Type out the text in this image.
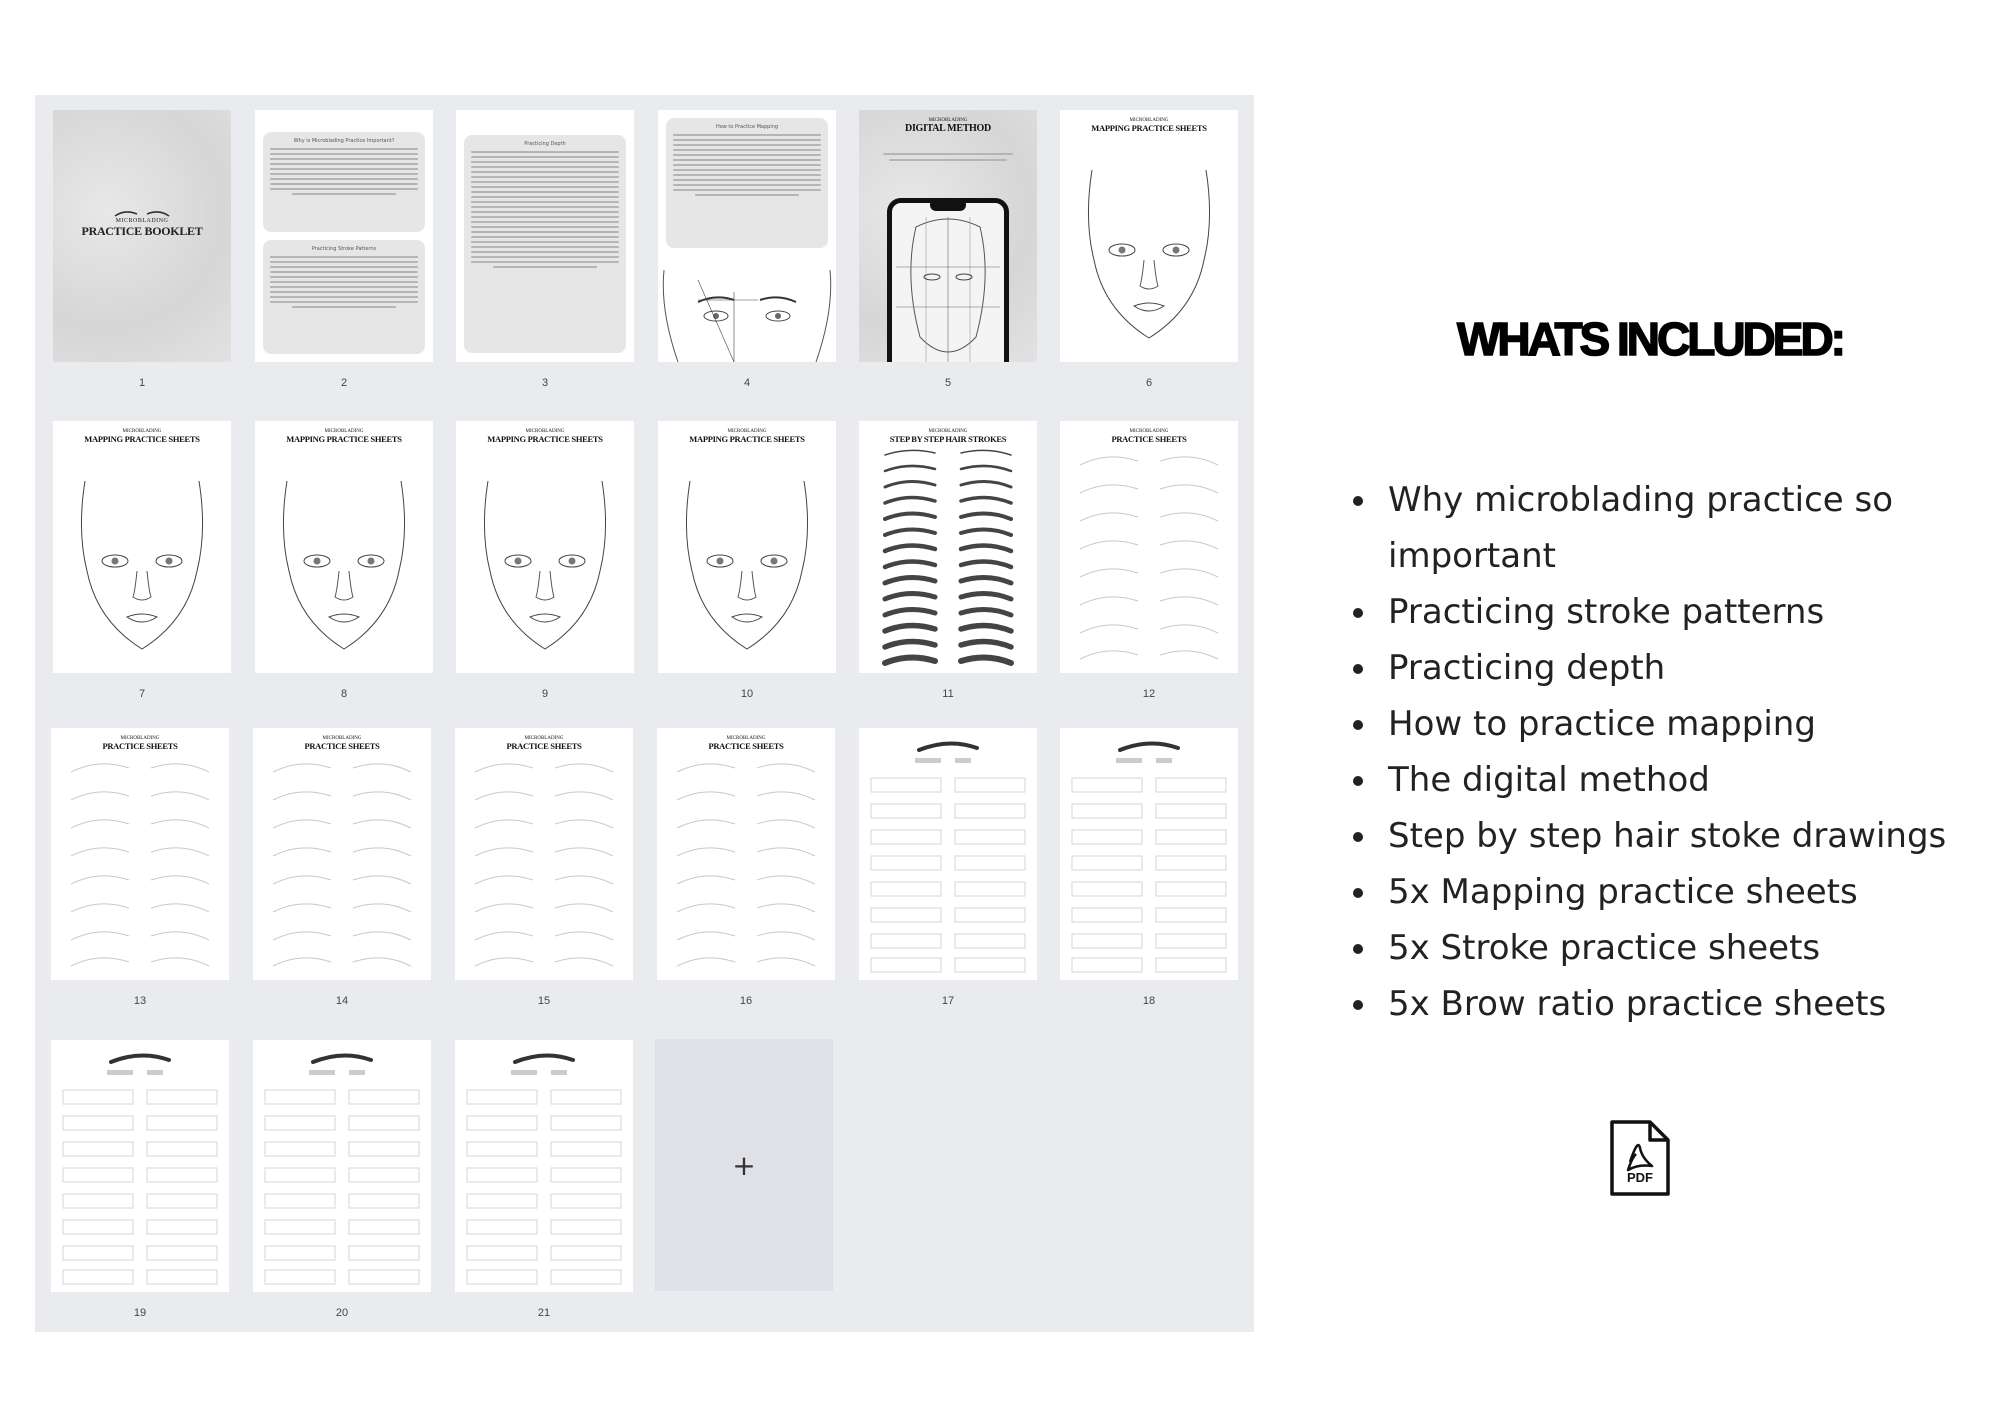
MICROBLADING
PRACTICE BOOKLET
1
Why is Microblading Practice Important?
Practicing Stroke Patterns
2
Practicing Depth
3
How to Practice Mapping
4
MICROBLADING
DIGITAL METHOD
5
MICROBLADING
MAPPING PRACTICE SHEETS
6
MICROBLADING
MAPPING PRACTICE SHEETS
7
MICROBLADING
MAPPING PRACTICE SHEETS
8
MICROBLADING
MAPPING PRACTICE SHEETS
9
MICROBLADING
MAPPING PRACTICE SHEETS
10
MICROBLADING
STEP BY STEP HAIR STROKES
11
MICROBLADING
PRACTICE SHEETS
12
MICROBLADING
PRACTICE SHEETS
13
MICROBLADING
PRACTICE SHEETS
14
MICROBLADING
PRACTICE SHEETS
15
MICROBLADING
PRACTICE SHEETS
16	17	18
19	20	21
+
WHATS INCLUDED:
• Why microblading practice so important
• Practicing stroke patterns
• Practicing depth
• How to practice mapping
• The digital method
• Step by step hair stoke drawings
• 5x Mapping practice sheets
• 5x Stroke practice sheets
• 5x Brow ratio practice sheets
PDF
